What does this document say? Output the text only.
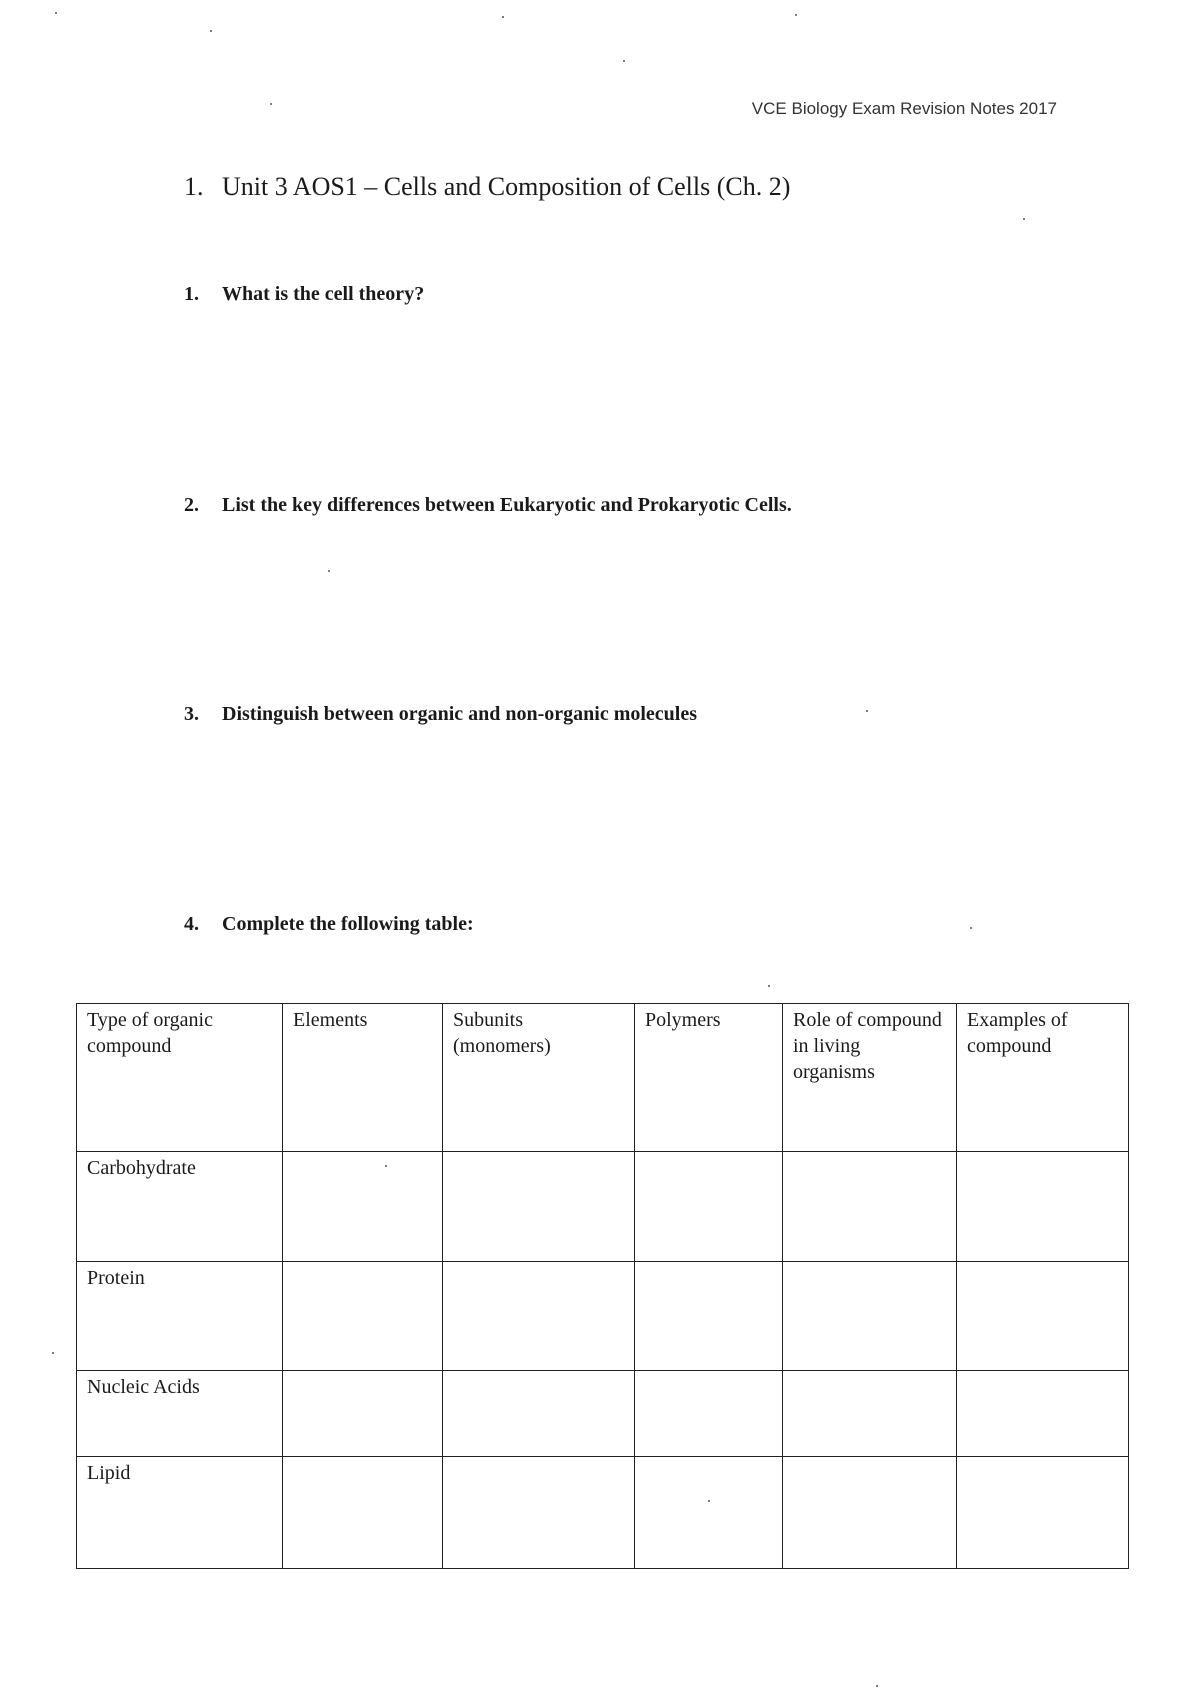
VCE Biology Exam Revision Notes 2017
1. Unit 3 AOS1 – Cells and Composition of Cells (Ch. 2)

1. What is the cell theory?

2. List the key differences between Eukaryotic and Prokaryotic Cells.

3. Distinguish between organic and non-organic molecules

4. Complete the following table:

Type of organic compound	Elements	Subunits (monomers)	Polymers	Role of compound in living organisms	Examples of compound
Carbohydrate					
Protein					
Nucleic Acids					
Lipid					
